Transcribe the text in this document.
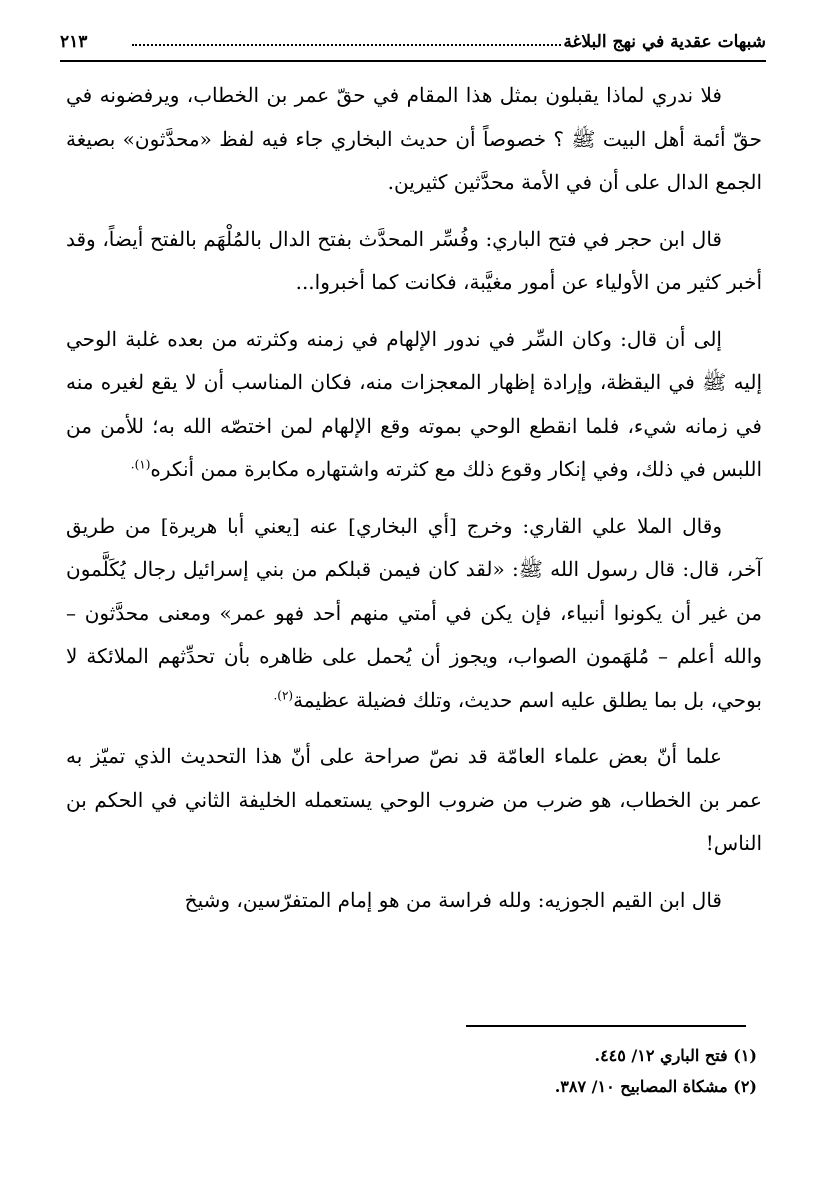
شبهات عقدية في نهج البلاغة
٢١٣

فلا ندري لماذا يقبلون بمثل هذا المقام في حقّ عمر بن الخطاب، ويرفضونه في حقّ أئمة أهل البيت ﷺ ؟ خصوصاً أن حديث البخاري جاء فيه لفظ «محدَّثون» بصيغة الجمع الدال على أن في الأمة محدَّثين كثيرين.

قال ابن حجر في فتح الباري: وفُسِّر المحدَّث بفتح الدال بالمُلْهَم بالفتح أيضاً، وقد أخبر كثير من الأولياء عن أمور مغيَّبة، فكانت كما أخبروا...

إلى أن قال: وكان السِّر في ندور الإلهام في زمنه وكثرته من بعده غلبة الوحي إليه ﷺ في اليقظة، وإرادة إظهار المعجزات منه، فكان المناسب أن لا يقع لغيره منه في زمانه شيء، فلما انقطع الوحي بموته وقع الإلهام لمن اختصّه الله به؛ للأمن من اللبس في ذلك، وفي إنكار وقوع ذلك مع كثرته واشتهاره مكابرة ممن أنكره$^{(١).}$

وقال الملا علي القاري: وخرج [أي البخاري] عنه [يعني أبا هريرة] من طريق آخر، قال: قال رسول الله ﷺ: «لقد كان فيمن قبلكم من بني إسرائيل رجال يُكَلَّمون من غير أن يكونوا أنبياء، فإن يكن في أمتي منهم أحد فهو عمر» ومعنى محدَّثون – والله أعلم – مُلهَمون الصواب، ويجوز أن يُحمل على ظاهره بأن تحدِّثهم الملائكة لا بوحي، بل بما يطلق عليه اسم حديث، وتلك فضيلة عظيمة$^{(٢).}$

علما أنّ بعض علماء العامّة قد نصّ صراحة على أنّ هذا التحديث الذي تميّز به عمر بن الخطاب، هو ضرب من ضروب الوحي يستعمله الخليفة الثاني في الحكم بن الناس!

قال ابن القيم الجوزيه: ولله فراسة من هو إمام المتفرّسين، وشيخ

(١) فتح الباري ١٢/ ٤٤٥.
(٢) مشكاة المصابيح ١٠/ ٣٨٧.
